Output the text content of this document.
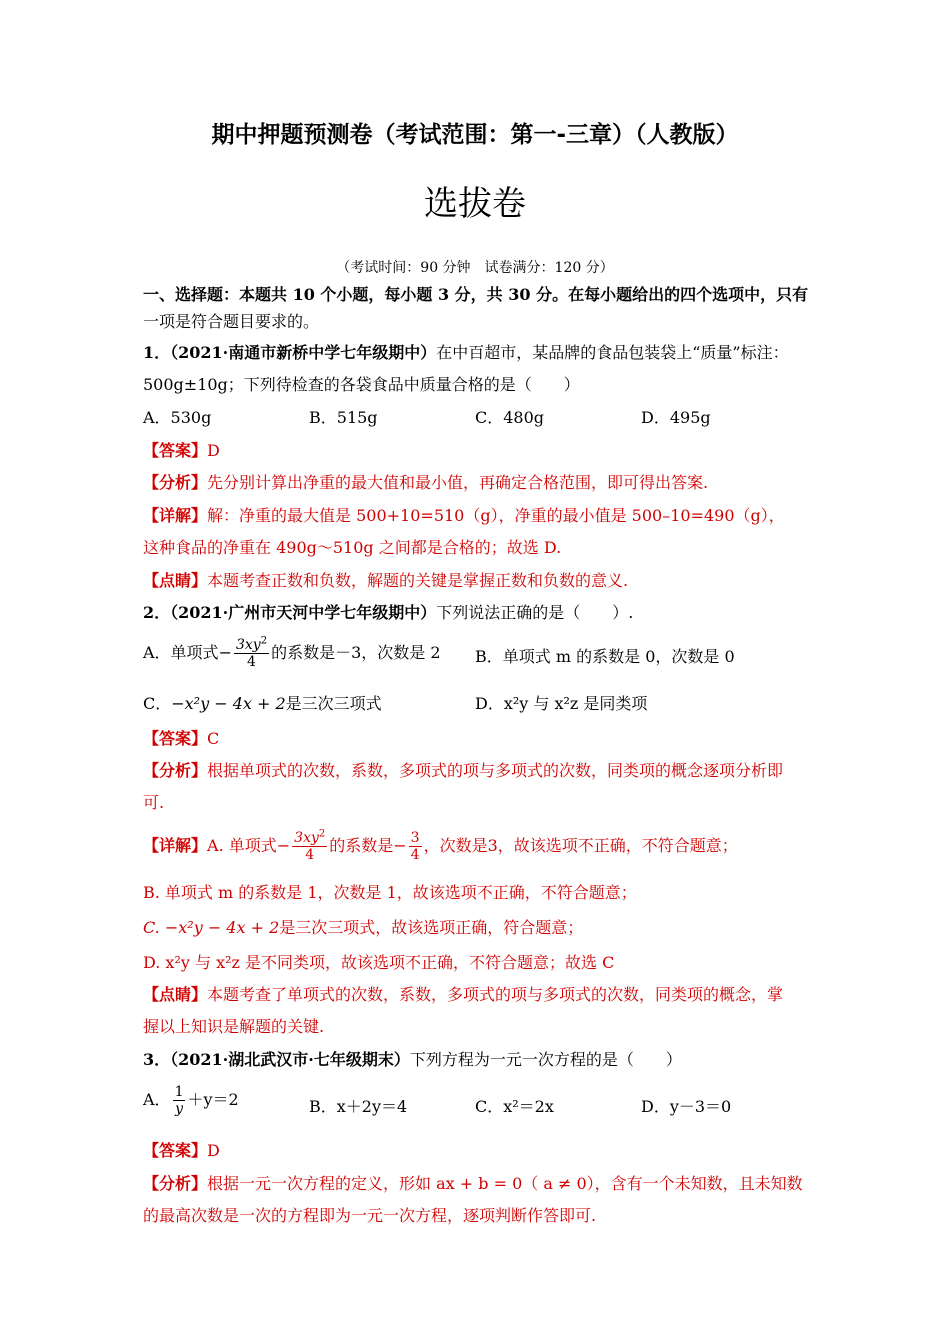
期中押题预测卷（考试范围：第一-三章）（人教版）
选拔卷
（考试时间：90 分钟　试卷满分：120 分）
一、选择题：本题共 10 个小题，每小题 3 分，共 30 分。在每小题给出的四个选项中，只有
一项是符合题目要求的。
1．（2021·南通市新桥中学七年级期中）在中百超市，某品牌的食品包装袋上“质量”标注：
500g±10g；下列待检查的各袋食品中质量合格的是（　　）
A．530g	B．515g	C．480g	D．495g
【答案】D
【分析】先分别计算出净重的最大值和最小值，再确定合格范围，即可得出答案.
【详解】解：净重的最大值是 500+10=510（g），净重的最小值是 500–10=490（g），
这种食品的净重在 490g～510g 之间都是合格的；故选 D.
【点睛】本题考查正数和负数，解题的关键是掌握正数和负数的意义.
2．（2021·广州市天河中学七年级期中）下列说法正确的是（　　）.
A．单项式− $\frac{3xy^2}{4}$ 的系数是－3，次数是 2 B．单项式 m 的系数是 0，次数是 0
C．−x²y − 4x + 2是三次三项式	D．x²y 与 x²z 是同类项
【答案】C
【分析】根据单项式的次数，系数，多项式的项与多项式的次数，同类项的概念逐项分析即
可.
【详解】A. 单项式− $\frac{3xy^2}{4}$ 的系数是− $\frac{3}{4}$ ，次数是3，故该选项不正确，不符合题意；
B. 单项式 m 的系数是 1，次数是 1，故该选项不正确，不符合题意；
C. −x²y − 4x + 2是三次三项式，故该选项正确，符合题意；
D. x²y 与 x²z 是不同类项，故该选项不正确，不符合题意；故选 C
【点睛】本题考查了单项式的次数，系数，多项式的项与多项式的次数，同类项的概念，掌
握以上知识是解题的关键.
3．（2021·湖北武汉市·七年级期末）下列方程为一元一次方程的是（　　）
A． $\frac{1}{y} +y=2$	B．x＋2y＝4	C．x²＝2x	D．y－3＝0
【答案】D
【分析】根据一元一次方程的定义，形如 ax + b = 0（ a ≠ 0），含有一个未知数，且未知数
的最高次数是一次的方程即为一元一次方程，逐项判断作答即可.
